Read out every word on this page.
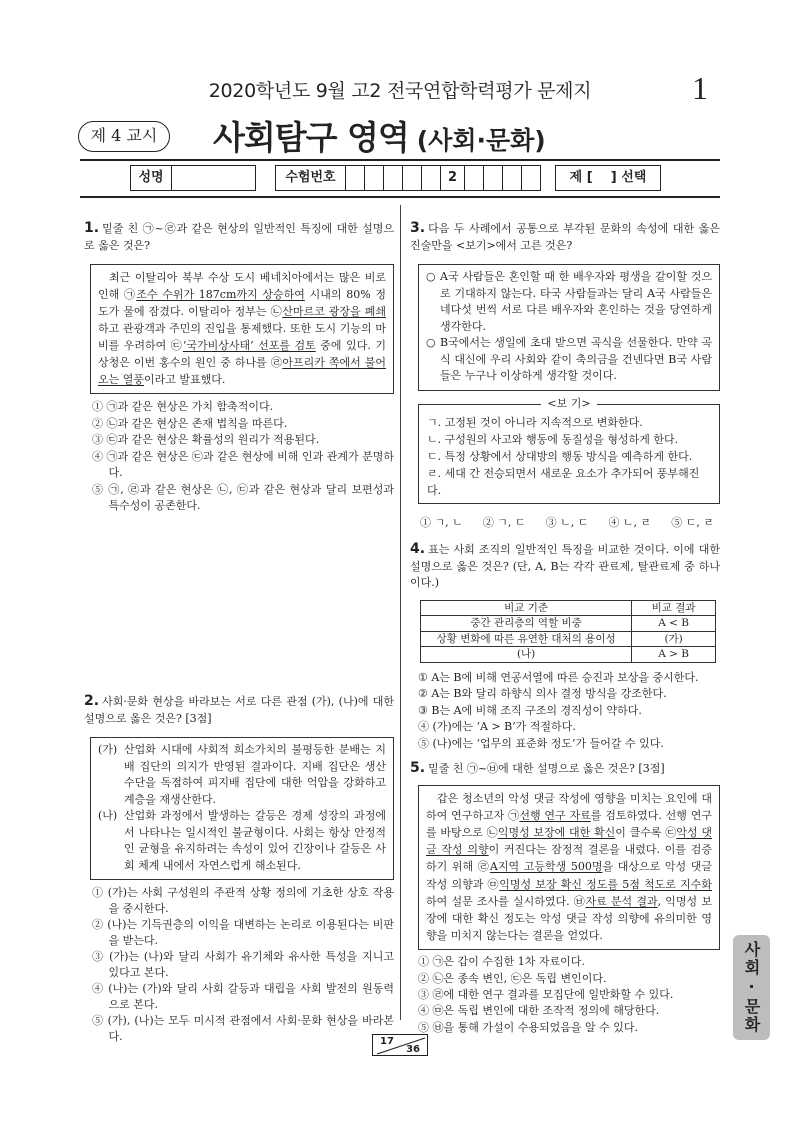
2020학년도 9월 고2 전국연합학력평가 문제지	1
제 4 교시	사회탐구 영역 (사회·문화)
성명	수험번호	2	제 [    ] 선택
1. 밑줄 친 ㉠~㉣과 같은 현상의 일반적인 특징에 대한 설명으로 옳은 것은?
최근 이탈리아 북부 수상 도시 베네치아에서는 많은 비로 인해 ㉠조수 수위가 187cm까지 상승하여 시내의 80% 정도가 물에 잠겼다. 이탈리아 정부는 ㉡산마르코 광장을 폐쇄하고 관광객과 주민의 진입을 통제했다. 또한 도시 기능의 마비를 우려하여 ㉢‘국가비상사태’ 선포를 검토 중에 있다. 기상청은 이번 홍수의 원인 중 하나를 ㉣아프리카 쪽에서 불어오는 열풍이라고 발표했다.
① ㉠과 같은 현상은 가치 함축적이다.
② ㉡과 같은 현상은 존재 법칙을 따른다.
③ ㉢과 같은 현상은 확률성의 원리가 적용된다.
④ ㉠과 같은 현상은 ㉢과 같은 현상에 비해 인과 관계가 분명하다.
⑤ ㉠, ㉣과 같은 현상은 ㉡, ㉢과 같은 현상과 달리 보편성과 특수성이 공존한다.
2. 사회·문화 현상을 바라보는 서로 다른 관점 (가), (나)에 대한 설명으로 옳은 것은? [3점]
(가) 산업화 시대에 사회적 희소가치의 불평등한 분배는 지배 집단의 의지가 반영된 결과이다. 지배 집단은 생산 수단을 독점하여 피지배 집단에 대한 억압을 강화하고 계층을 재생산한다.
(나) 산업화 과정에서 발생하는 갈등은 경제 성장의 과정에서 나타나는 일시적인 불균형이다. 사회는 항상 안정적인 균형을 유지하려는 속성이 있어 긴장이나 갈등은 사회 체계 내에서 자연스럽게 해소된다.
① (가)는 사회 구성원의 주관적 상황 정의에 기초한 상호 작용을 중시한다.
② (나)는 기득권층의 이익을 대변하는 논리로 이용된다는 비판을 받는다.
③ (가)는 (나)와 달리 사회가 유기체와 유사한 특성을 지니고 있다고 본다.
④ (나)는 (가)와 달리 사회 갈등과 대립을 사회 발전의 원동력으로 본다.
⑤ (가), (나)는 모두 미시적 관점에서 사회·문화 현상을 바라본다.
3. 다음 두 사례에서 공통으로 부각된 문화의 속성에 대한 옳은 진술만을 <보기>에서 고른 것은?
○ A국 사람들은 혼인할 때 한 배우자와 평생을 같이할 것으로 기대하지 않는다. 타국 사람들과는 달리 A국 사람들은 네다섯 번씩 서로 다른 배우자와 혼인하는 것을 당연하게 생각한다.
○ B국에서는 생일에 초대 받으면 곡식을 선물한다. 만약 곡식 대신에 우리 사회와 같이 축의금을 건넨다면 B국 사람들은 누구나 이상하게 생각할 것이다.
<보 기>
ㄱ. 고정된 것이 아니라 지속적으로 변화한다.
ㄴ. 구성원의 사고와 행동에 동질성을 형성하게 한다.
ㄷ. 특정 상황에서 상대방의 행동 방식을 예측하게 한다.
ㄹ. 세대 간 전승되면서 새로운 요소가 추가되어 풍부해진다.
① ㄱ, ㄴ ② ㄱ, ㄷ ③ ㄴ, ㄷ ④ ㄴ, ㄹ ⑤ ㄷ, ㄹ
4. 표는 사회 조직의 일반적인 특징을 비교한 것이다. 이에 대한 설명으로 옳은 것은? (단, A, B는 각각 관료제, 탈관료제 중 하나이다.)
비교 기준	비교 결과
중간 관리층의 역할 비중	A < B
상황 변화에 따른 유연한 대처의 용이성	(가)
(나)	A > B
① A는 B에 비해 연공서열에 따른 승진과 보상을 중시한다.
② A는 B와 달리 하향식 의사 결정 방식을 강조한다.
③ B는 A에 비해 조직 구조의 경직성이 약하다.
④ (가)에는 ‘A > B’가 적절하다.
⑤ (나)에는 ‘업무의 표준화 정도’가 들어갈 수 있다.
5. 밑줄 친 ㉠~㉥에 대한 설명으로 옳은 것은? [3점]
갑은 청소년의 악성 댓글 작성에 영향을 미치는 요인에 대하여 연구하고자 ㉠선행 연구 자료를 검토하였다. 선행 연구를 바탕으로 ㉡익명성 보장에 대한 확신이 클수록 ㉢악성 댓글 작성 의향이 커진다는 잠정적 결론을 내렸다. 이를 검증하기 위해 ㉣A지역 고등학생 500명을 대상으로 악성 댓글 작성 의향과 ㉤익명성 보장 확신 정도를 5점 척도로 지수화하여 설문 조사를 실시하였다. ㉥자료 분석 결과, 익명성 보장에 대한 확신 정도는 악성 댓글 작성 의향에 유의미한 영향을 미치지 않는다는 결론을 얻었다.
① ㉠은 갑이 수집한 1차 자료이다.
② ㉡은 종속 변인, ㉢은 독립 변인이다.
③ ㉣에 대한 연구 결과를 모집단에 일반화할 수 있다.
④ ㉤은 독립 변인에 대한 조작적 정의에 해당한다.
⑤ ㉥을 통해 가설이 수용되었음을 알 수 있다.
17
36
사회·문화
